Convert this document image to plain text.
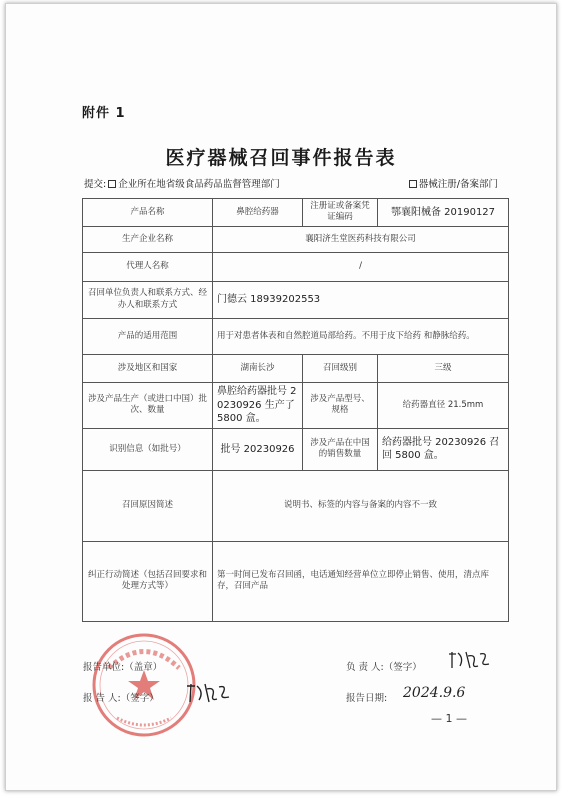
附件 1
医疗器械召回事件报告表
提交: 企业所在地省级食品药品监督管理部门	器械注册/备案部门
产品名称	鼻腔给药器	注册证或备案凭证编码	鄂襄阳械备 20190127
生产企业名称	襄阳济生堂医药科技有限公司		
代理人名称	/		
召回单位负责人和联系方式、经办人和联系方式	门德云 18939202553		
产品的适用范围	用于对患者体表和自然腔道局部给药。不用于皮下给药 和静脉给药。		
涉及地区和国家	湖南长沙	召回级别	三级
涉及产品生产（或进口中国）批次、数量	鼻腔给药器批号 20230926 生产了 5800 盒。	涉及产品型号、规格	给药器直径 21.5mm
识别信息（如批号）	批号 20230926	涉及产品在中国的销售数量	给药器批号 20230926 召回 5800 盒。
召回原因简述	说明书、标签的内容与备案的内容不一致		
纠正行动简述（包括召回要求和处理方式等）	第一时间已发布召回函，电话通知经营单位立即停止销售、使用，清点库存，召回产品		
报告单位:（盖章）	负 责 人:（签字）
报 告 人:（签字）	报告日期: 2024.9.6
— 1 —
